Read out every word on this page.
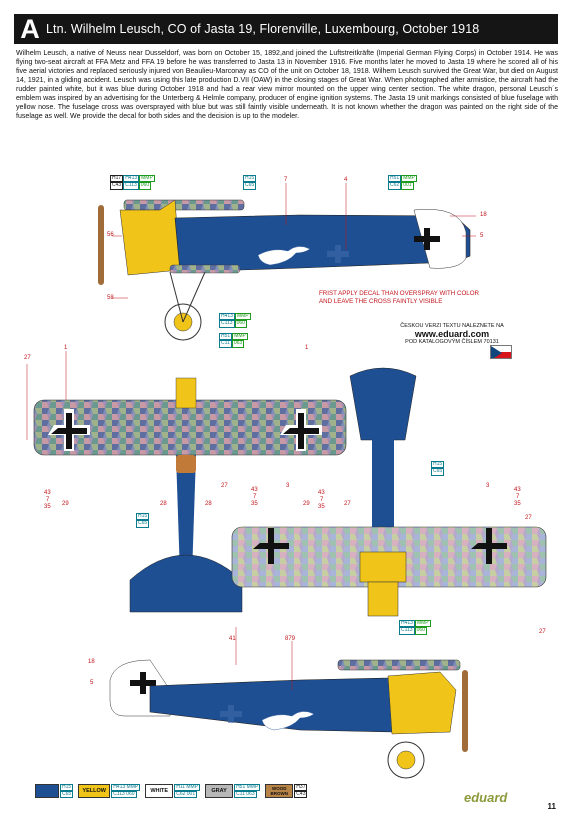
A Ltn. Wilhelm Leusch, CO of Jasta 19, Florenville, Luxembourg, October 1918
Wilhelm Leusch, a native of Neuss near Dusseldorf, was born on October 15, 1892,and joined the Luftstreitkräfte (Imperial German Flying Corps) in October 1914. He was flying two-seat aircraft at FFA Metz and FFA 19 before he was transferred to Jasta 13 in November 1916. Five months later he moved to Jasta 19 where he scored all of his five aerial victories and replaced seriously injured von Beaulieu-Marconay as CO of the unit on October 18, 1918. Wilhem Leusch survived the Great War, but died on August 14, 1921, in a gliding accident. Leusch was using this late production D.VII (OAW) in the closing stages of Great War. When photographed after armistice, the aircraft had the rudder painted white, but it was blue during October 1918 and had a rear view mirror mounted on the upper wing center section. The white dragon, personal Leusch´s emblem was inspired by an advertising for the Unterberg & Helmle company, producer of engine ignition systems. The Jasta 19 unit markings consisted of blue fuselage with yellow nose. The fuselage cross was oversprayed with blue but was still faintly visible underneath. It is not known whether the dragon was painted on the right side of the fuselage as well. We provide the decal for both sides and the decision is up to the modeler.
56
58
7	4
18
5
27
1	1
43
7
35 29	28	28
27
43
7
35
3
29
43
7
35	27
3
43
7
35
27
27
41	879
18
5
H17 H413 MMP
C43 C113 060
H15
C65
H51 MMP
C62 001
H413 MMP
C113 060
H51 MMP
C11 063
H15
C65
H15
C65
H413 MMP
C113 060
FRIST APPLY DECAL THAN OVERSPRAY WITH COLOR
AND LEAVE THE CROSS FAINTLY VISIBLE
ČESKOU VERZI TEXTU NALEZNETE NA
www.eduard.com
POD KATALOGOVÝM ČÍSLEM 70131
H15
C65	YELLOW
H413 MMP
C113 060	WHITE
H11 MMP
C62 001	GRAY
H51 MMP
C11 063
WOOD BROWN
H37
C43	eduard
11
